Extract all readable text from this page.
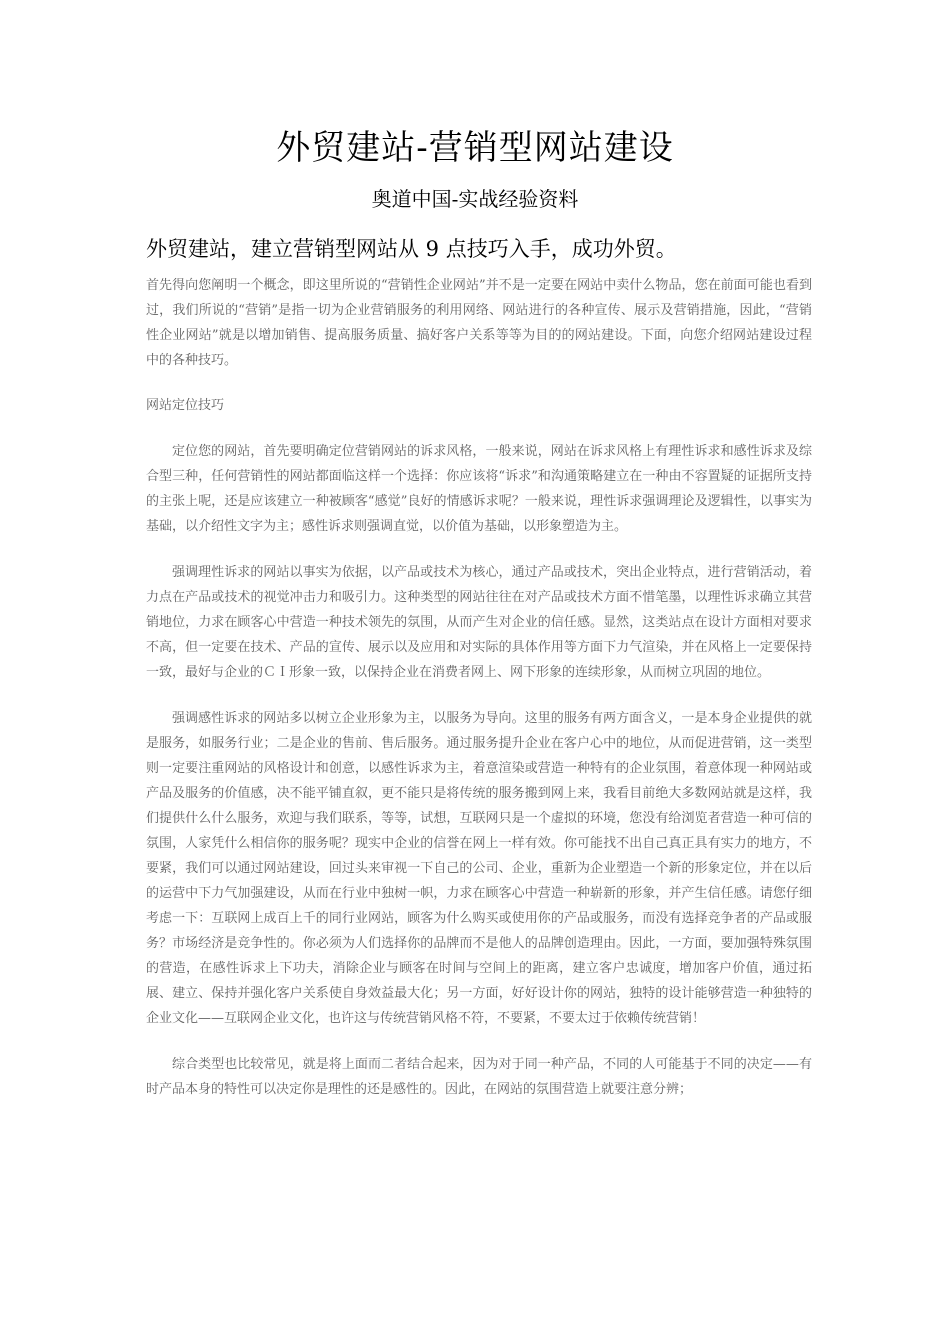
外贸建站-营销型网站建设
奥道中国-实战经验资料
外贸建站，建立营销型网站从 9 点技巧入手，成功外贸。

首先得向您阐明一个概念，即这里所说的“营销性企业网站”并不是一定要在网站中卖什么物品，您在前面可能也看到过，我们所说的“营销”是指一切为企业营销服务的利用网络、网站进行的各种宣传、展示及营销措施，因此，“营销性企业网站”就是以增加销售、提高服务质量、搞好客户关系等等为目的的网站建设。下面，向您介绍网站建设过程中的各种技巧。

网站定位技巧

定位您的网站，首先要明确定位营销网站的诉求风格，一般来说，网站在诉求风格上有理性诉求和感性诉求及综合型三种，任何营销性的网站都面临这样一个选择：你应该将“诉求”和沟通策略建立在一种由不容置疑的证据所支持的主张上呢，还是应该建立一种被顾客“感觉”良好的情感诉求呢？一般来说，理性诉求强调理论及逻辑性，以事实为基础，以介绍性文字为主；感性诉求则强调直觉，以价值为基础，以形象塑造为主。

强调理性诉求的网站以事实为依据，以产品或技术为核心，通过产品或技术，突出企业特点，进行营销活动，着力点在产品或技术的视觉冲击力和吸引力。这种类型的网站往往在对产品或技术方面不惜笔墨，以理性诉求确立其营销地位，力求在顾客心中营造一种技术领先的氛围，从而产生对企业的信任感。显然，这类站点在设计方面相对要求不高，但一定要在技术、产品的宣传、展示以及应用和对实际的具体作用等方面下力气渲染，并在风格上一定要保持一致，最好与企业的ＣＩ形象一致，以保持企业在消费者网上、网下形象的连续形象，从而树立巩固的地位。

强调感性诉求的网站多以树立企业形象为主，以服务为导向。这里的服务有两方面含义，一是本身企业提供的就是服务，如服务行业；二是企业的售前、售后服务。通过服务提升企业在客户心中的地位，从而促进营销，这一类型则一定要注重网站的风格设计和创意，以感性诉求为主，着意渲染或营造一种特有的企业氛围，着意体现一种网站或产品及服务的价值感，决不能平铺直叙，更不能只是将传统的服务搬到网上来，我看目前绝大多数网站就是这样，我们提供什么什么服务，欢迎与我们联系，等等，试想，互联网只是一个虚拟的环境，您没有给浏览者营造一种可信的氛围，人家凭什么相信你的服务呢？现实中企业的信誉在网上一样有效。你可能找不出自己真正具有实力的地方，不要紧，我们可以通过网站建设，回过头来审视一下自己的公司、企业，重新为企业塑造一个新的形象定位，并在以后的运营中下力气加强建设，从而在行业中独树一帜，力求在顾客心中营造一种崭新的形象，并产生信任感。请您仔细考虑一下：互联网上成百上千的同行业网站，顾客为什么购买或使用你的产品或服务，而没有选择竞争者的产品或服务？市场经济是竞争性的。你必须为人们选择你的品牌而不是他人的品牌创造理由。因此，一方面，要加强特殊氛围的营造，在感性诉求上下功夫，消除企业与顾客在时间与空间上的距离，建立客户忠诚度，增加客户价值，通过拓展、建立、保持并强化客户关系使自身效益最大化；另一方面，好好设计你的网站，独特的设计能够营造一种独特的企业文化——互联网企业文化，也许这与传统营销风格不符，不要紧，不要太过于依赖传统营销！

综合类型也比较常见，就是将上面而二者结合起来，因为对于同一种产品，不同的人可能基于不同的决定——有时产品本身的特性可以决定你是理性的还是感性的。因此，在网站的氛围营造上就要注意分辨；
